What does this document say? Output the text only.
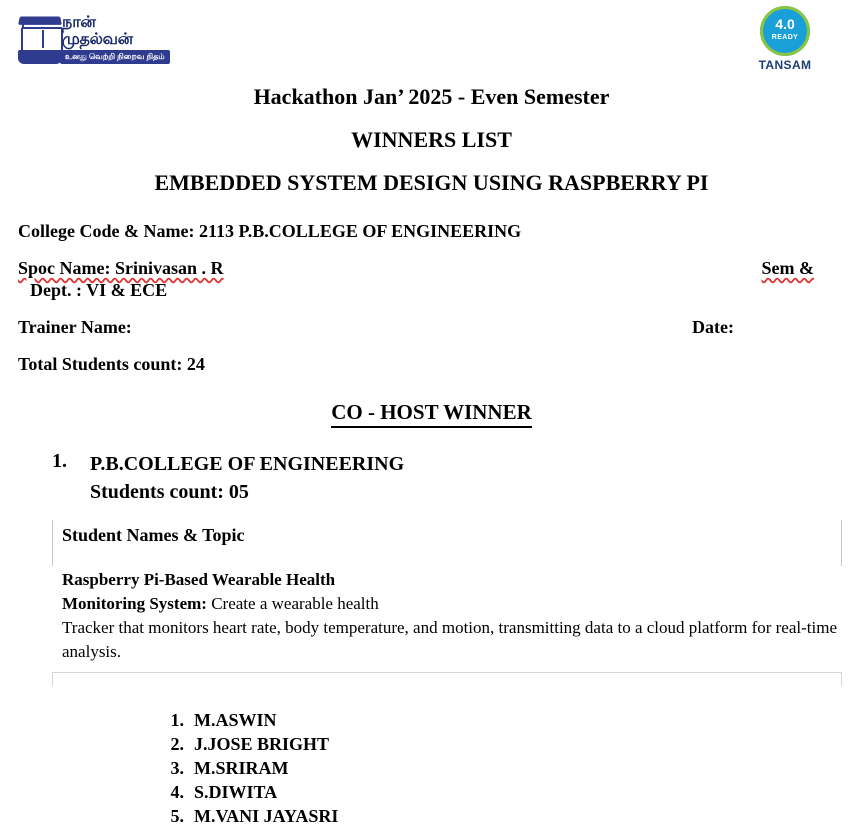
நான் முதல்வன்
உனது வெற்றி நிறைவ நிதம்
4.0
READY
TANSAM
Hackathon Jan’ 2025 - Even Semester
WINNERS LIST
EMBEDDED SYSTEM DESIGN USING RASPBERRY PI
College Code & Name: 2113 P.B.COLLEGE OF ENGINEERING
Spoc Name: Srinivasan . R	Sem &
Dept. : VI & ECE
Trainer Name:	Date:
Total Students count: 24
CO - HOST WINNER
1. P.B.COLLEGE OF ENGINEERING
Students count: 05
Student Names & Topic
Raspberry Pi-Based Wearable Health
Monitoring System: Create a wearable health
Tracker that monitors heart rate, body temperature, and motion, transmitting data to a cloud platform for real-time analysis.
1. M.ASWIN
2. J.JOSE BRIGHT
3. M.SRIRAM
4. S.DIWITA
5. M.VANI JAYASRI
